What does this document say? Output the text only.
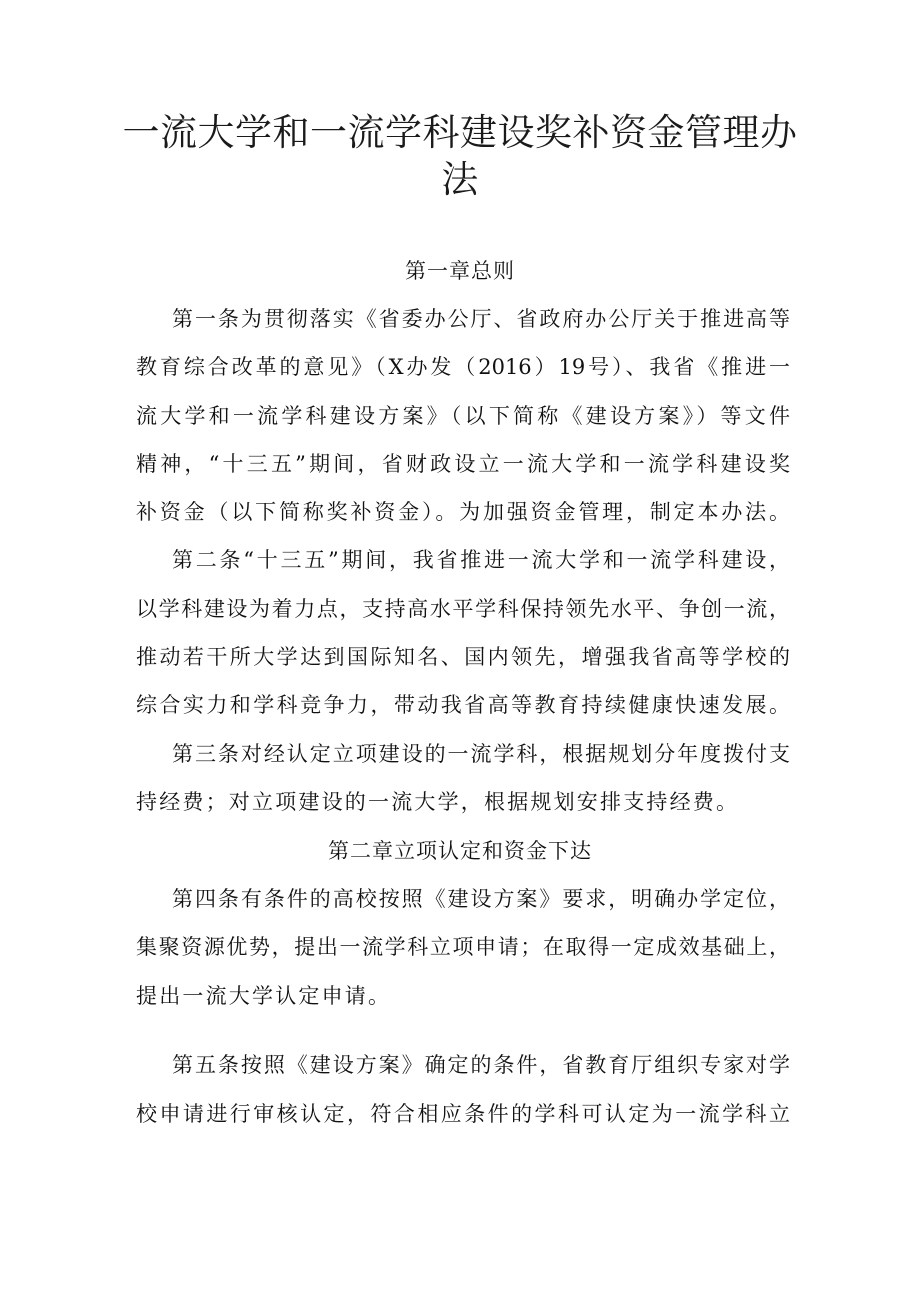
一流大学和一流学科建设奖补资金管理办
法
第一章总则
第一条为贯彻落实《省委办公厅、省政府办公厅关于推进高等
教育综合改革的意见》（X办发（2016）19号）、我省《推进一
流大学和一流学科建设方案》（以下简称《建设方案》）等文件
精神，“十三五”期间，省财政设立一流大学和一流学科建设奖
补资金（以下简称奖补资金）。为加强资金管理，制定本办法。
第二条“十三五”期间，我省推进一流大学和一流学科建设，
以学科建设为着力点，支持高水平学科保持领先水平、争创一流，
推动若干所大学达到国际知名、国内领先，增强我省高等学校的
综合实力和学科竞争力，带动我省高等教育持续健康快速发展。
第三条对经认定立项建设的一流学科，根据规划分年度拨付支
持经费；对立项建设的一流大学，根据规划安排支持经费。
第二章立项认定和资金下达
第四条有条件的高校按照《建设方案》要求，明确办学定位，
集聚资源优势，提出一流学科立项申请；在取得一定成效基础上，
提出一流大学认定申请。
第五条按照《建设方案》确定的条件，省教育厅组织专家对学
校申请进行审核认定，符合相应条件的学科可认定为一流学科立
